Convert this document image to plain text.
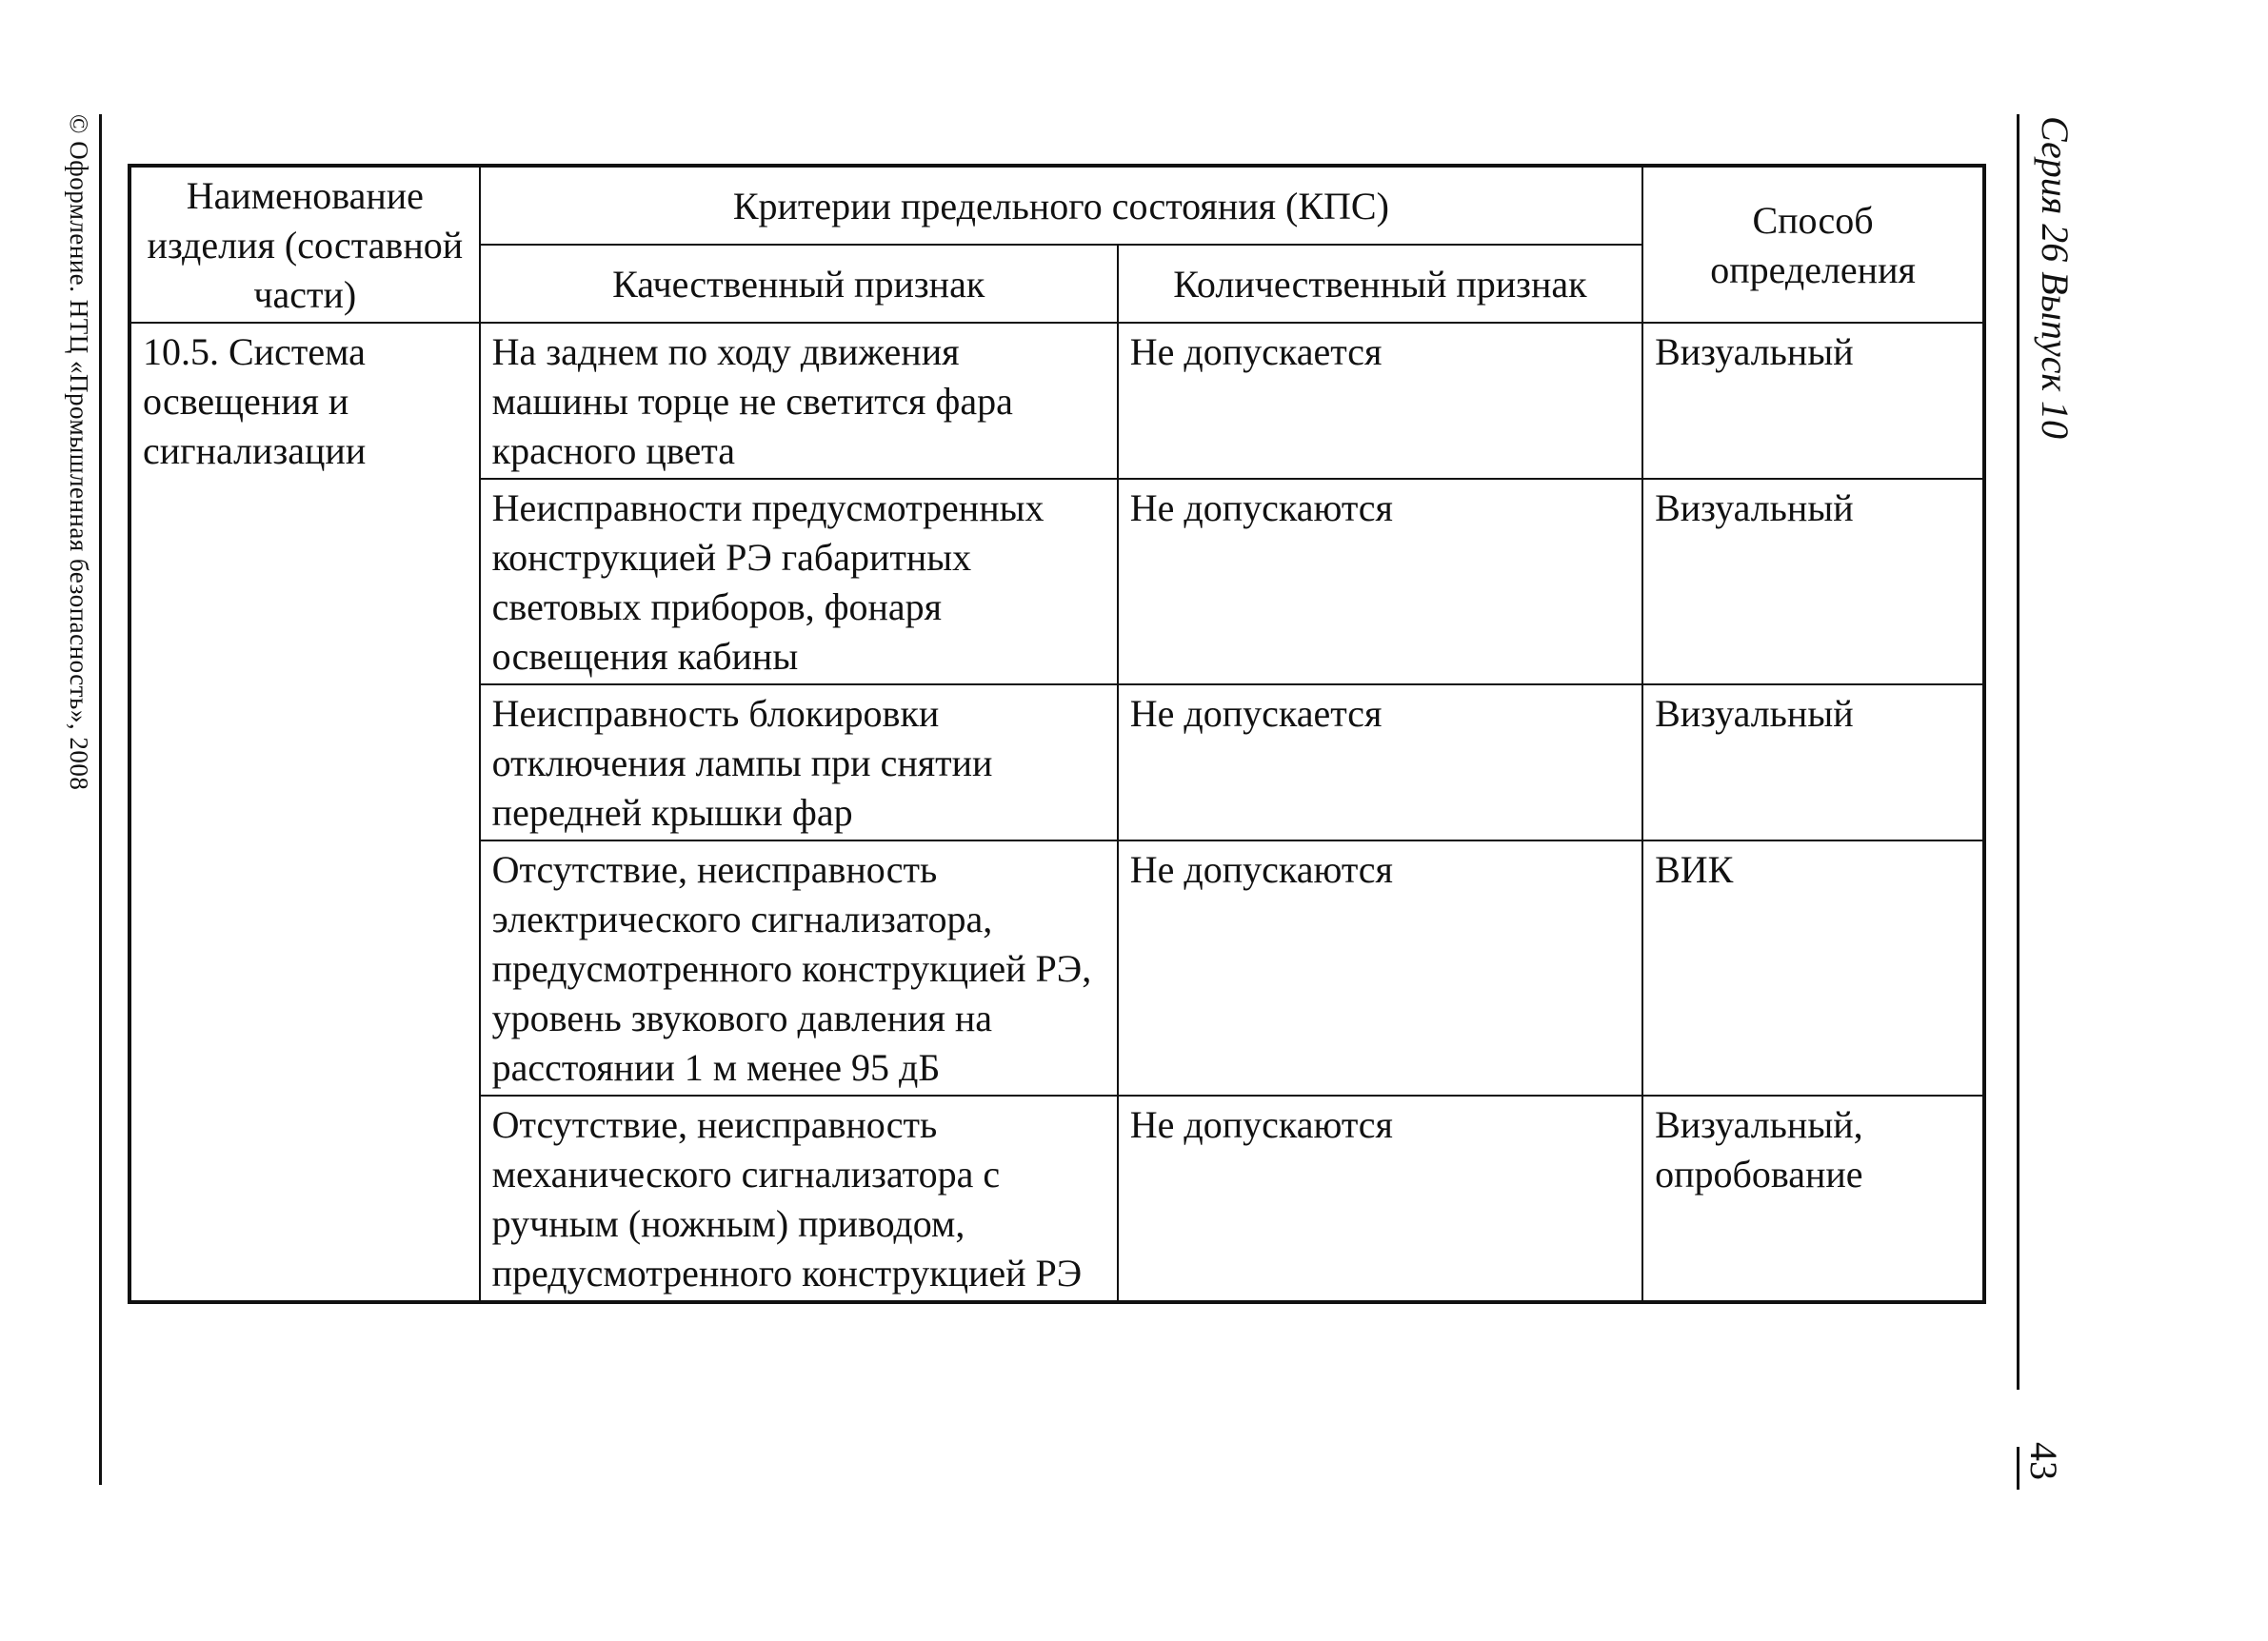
© Оформление. НТЦ «Промышленная безопасность», 2008	Серия 26 Выпуск 10
43
Наименование изделия (составной части)	Критерии предельного состояния (КПС)		Способ определения
	Качественный признак	Количественный признак	
10.5. Система освещения и сигнализации	На заднем по ходу движения машины торце не светится фара красного цвета	Не допускается	Визуальный
	Неисправности предусмотренных конструкцией РЭ габаритных световых приборов, фонаря освещения кабины	Не допускаются	Визуальный
	Неисправность блокировки отключения лампы при снятии передней крышки фар	Не допускается	Визуальный
	Отсутствие, неисправность электрического сигнализатора, предусмотренного конструкцией РЭ, уровень звукового давления на расстоянии 1 м менее 95 дБ	Не допускаются	ВИК
	Отсутствие, неисправность механического сигнализатора с ручным (ножным) приводом, предусмотренного конструкцией РЭ	Не допускаются	Визуальный, опробование
